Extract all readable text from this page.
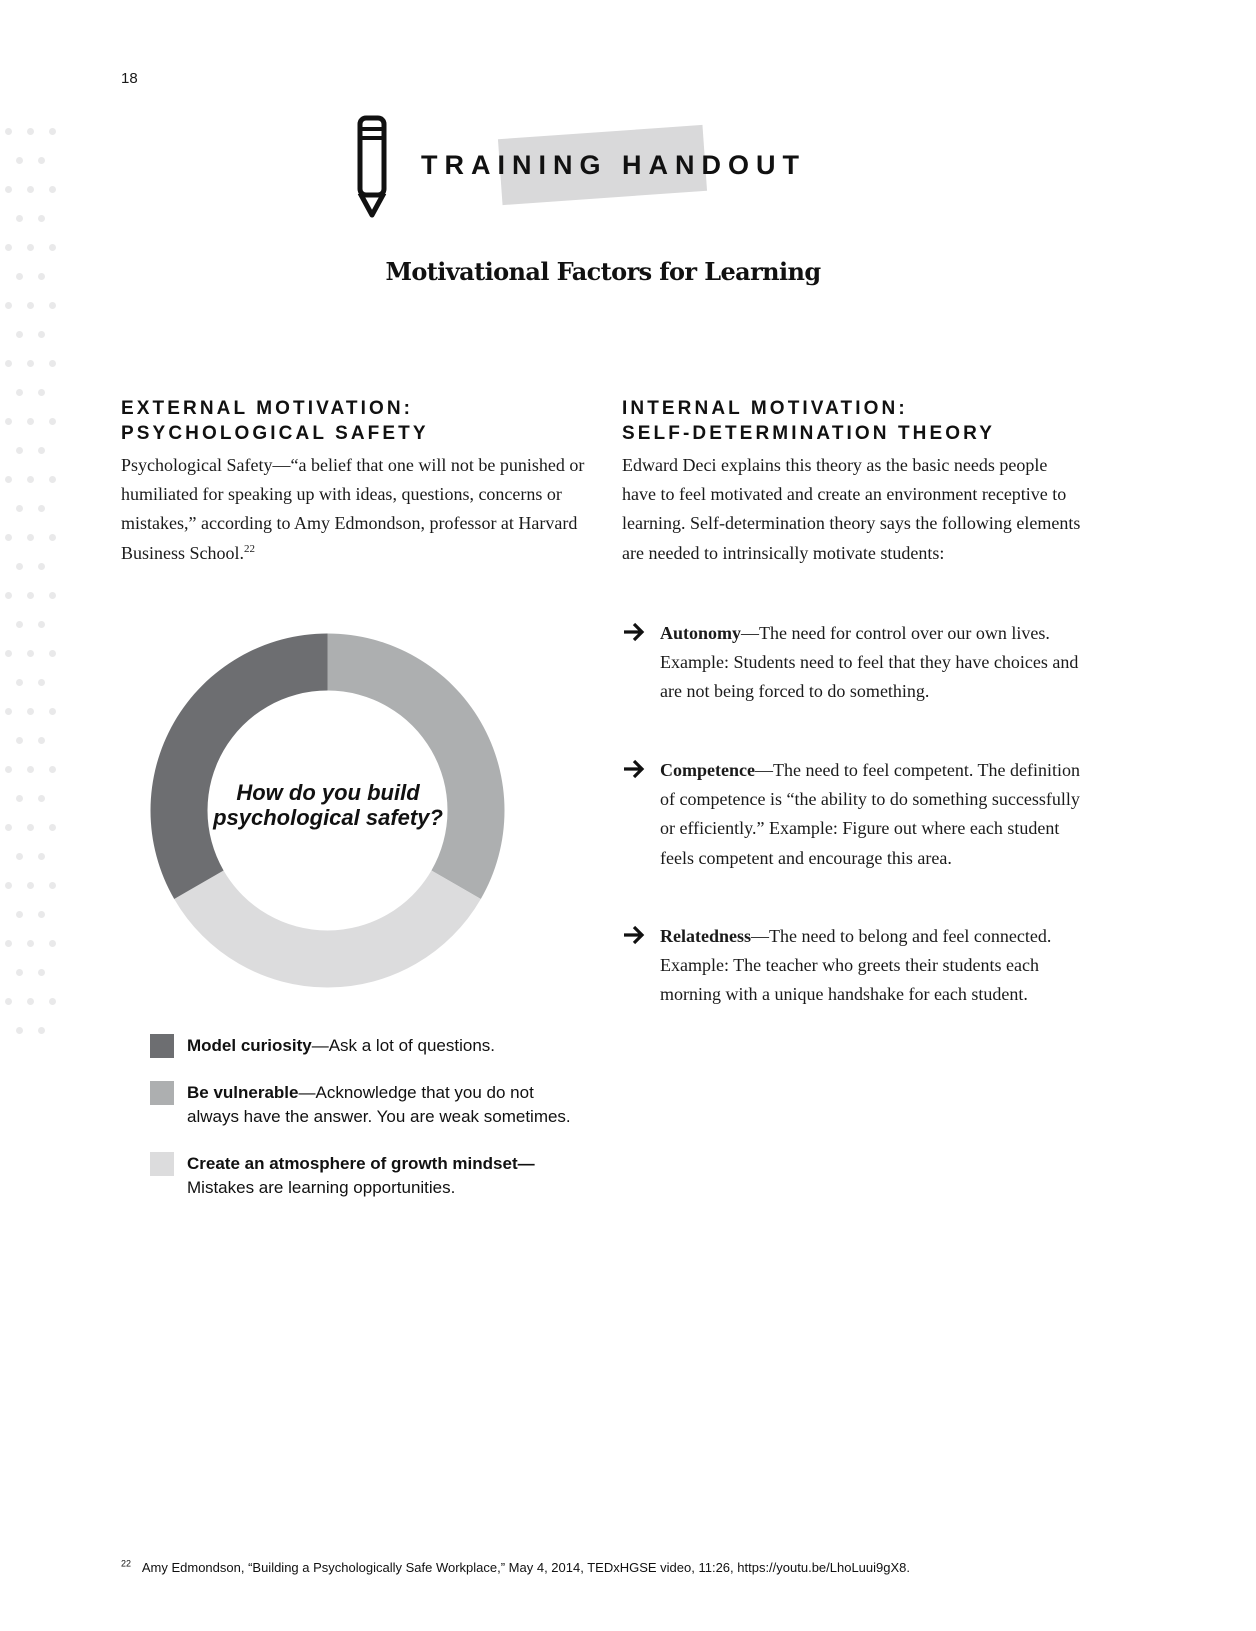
18
TRAINING HANDOUT
Motivational Factors for Learning
EXTERNAL MOTIVATION:
PSYCHOLOGICAL SAFETY
Psychological Safety—“a belief that one will not be punished or humiliated for speaking up with ideas, questions, concerns or mistakes,” according to Amy Edmondson, professor at Harvard Business School.$^{22}$
How do you build
psychological safety?
Model curiosity—Ask a lot of questions.
Be vulnerable—Acknowledge that you do not always have the answer. You are weak sometimes.
Create an atmosphere of growth mindset—
Mistakes are learning opportunities.
INTERNAL MOTIVATION:
SELF-DETERMINATION THEORY
Edward Deci explains this theory as the basic needs people have to feel motivated and create an environment receptive to learning. Self-determination theory says the following elements are needed to intrinsically motivate students:
Autonomy—The need for control over our own lives. Example: Students need to feel that they have choices and are not being forced to do something.
Competence—The need to feel competent. The definition of competence is “the ability to do something successfully or efficiently.” Example: Figure out where each student feels competent and encourage this area.
Relatedness—The need to belong and feel connected. Example: The teacher who greets their students each morning with a unique handshake for each student.
$^{22}$ Amy Edmondson, “Building a Psychologically Safe Workplace,” May 4, 2014, TEDxHGSE video, 11:26, https://youtu.be/LhoLuui9gX8.
